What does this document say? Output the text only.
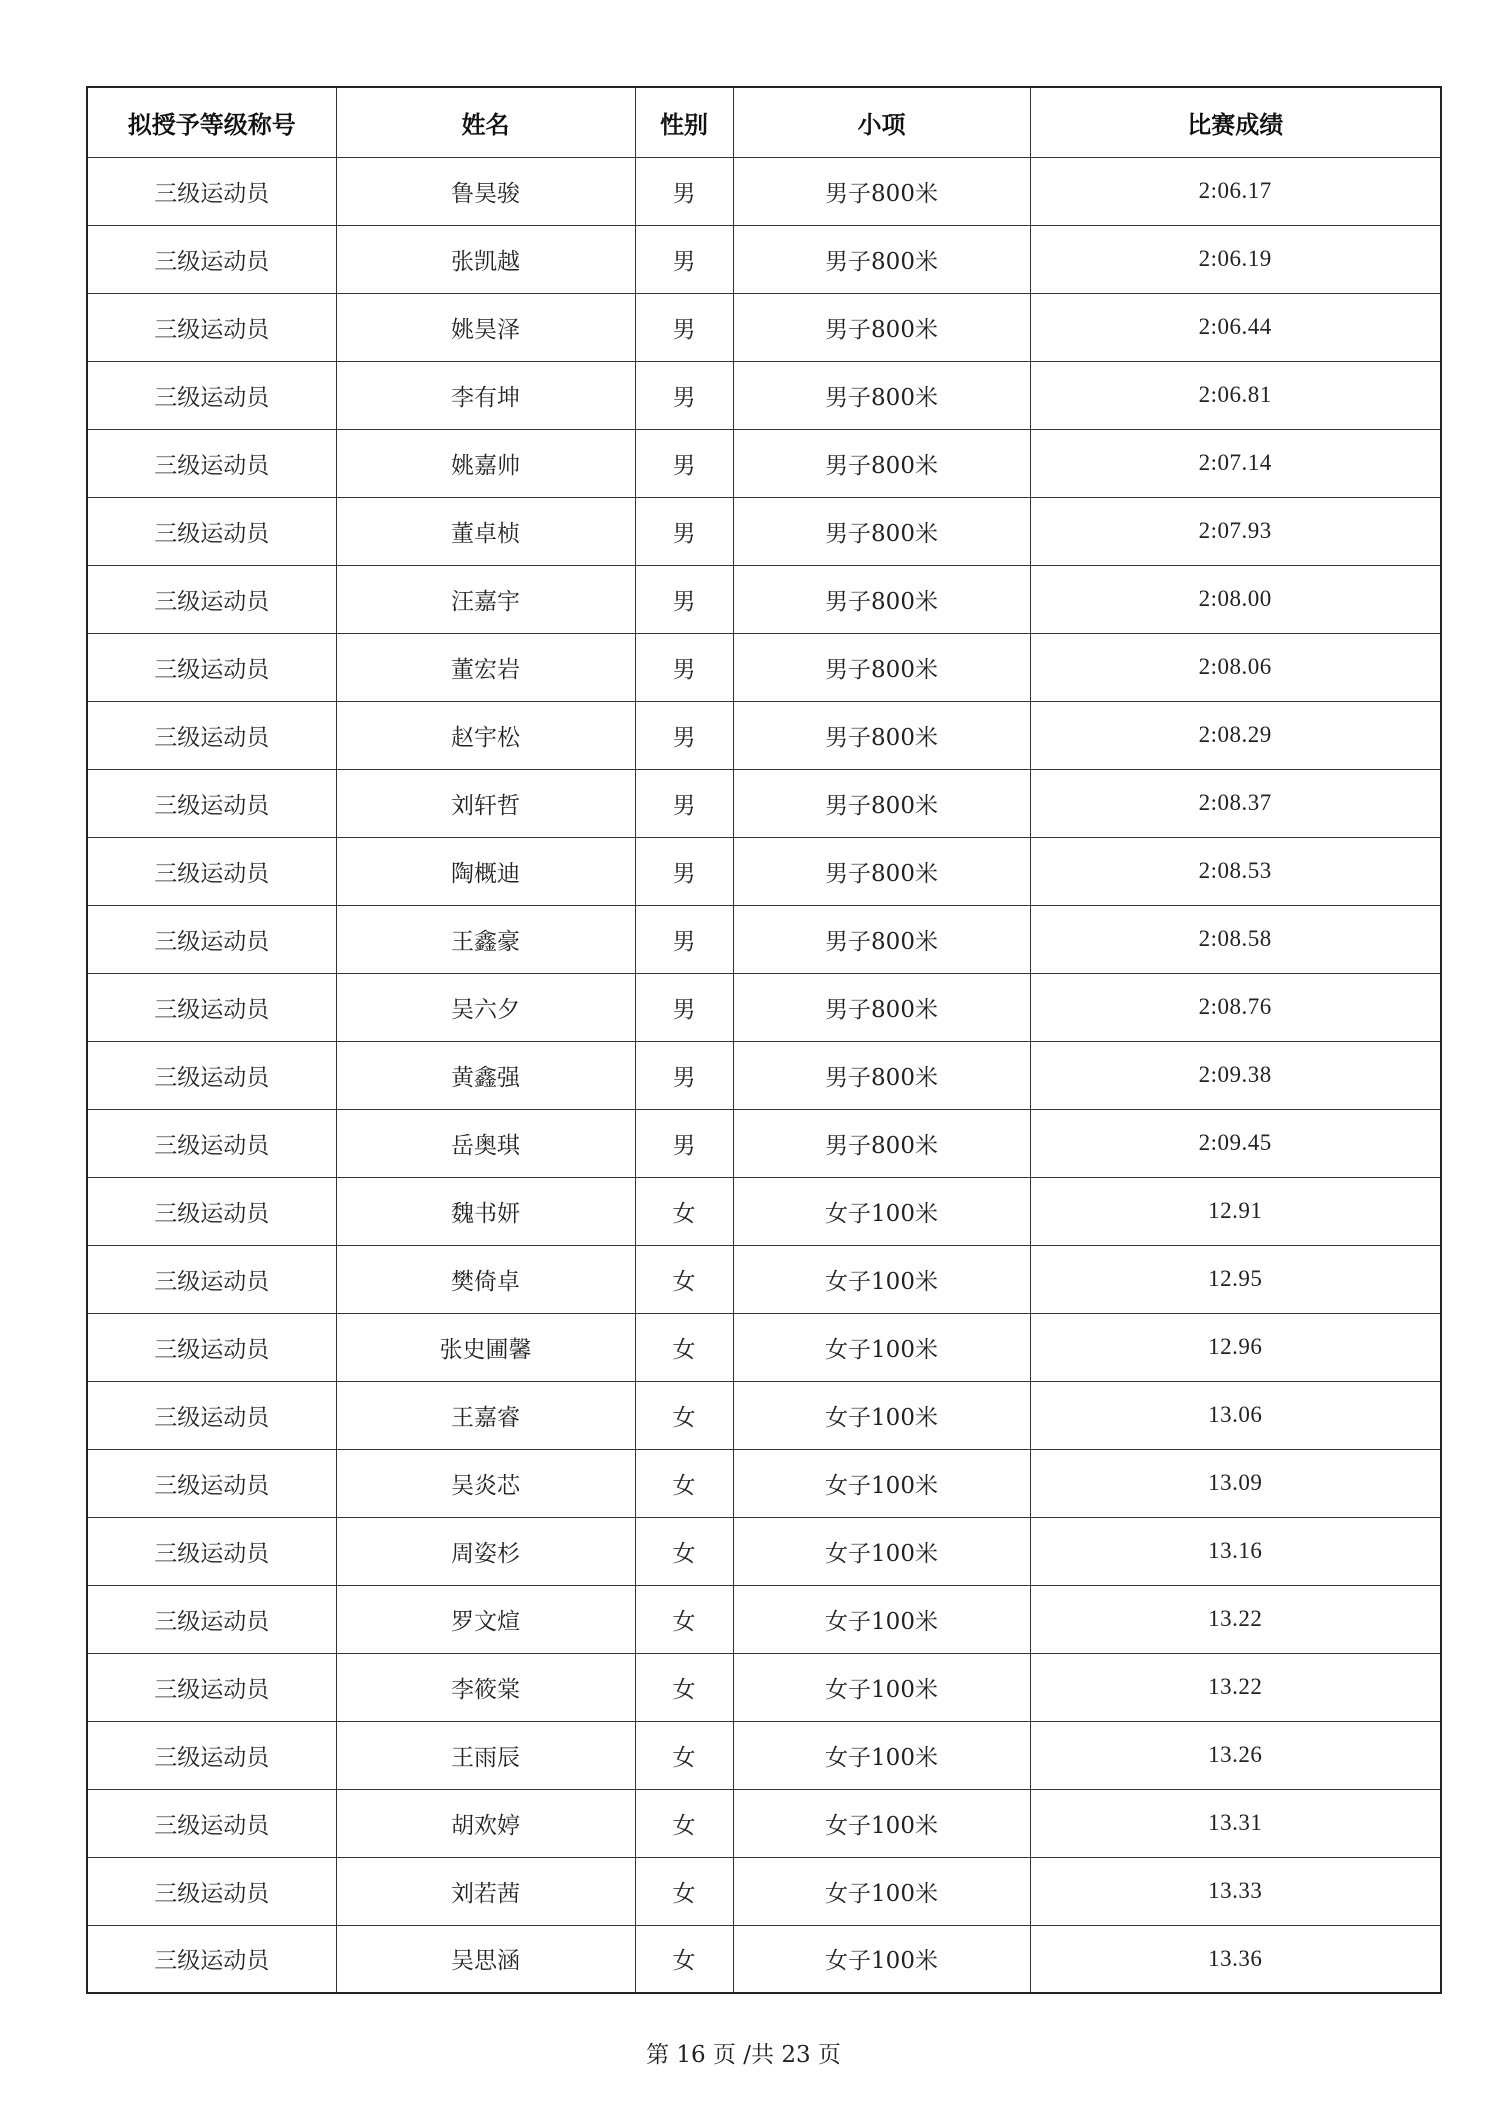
拟授予等级称号	姓名	性别	小项	比赛成绩
三级运动员	鲁昊骏	男	男子800米	2:06.17
三级运动员	张凯越	男	男子800米	2:06.19
三级运动员	姚昊泽	男	男子800米	2:06.44
三级运动员	李有坤	男	男子800米	2:06.81
三级运动员	姚嘉帅	男	男子800米	2:07.14
三级运动员	董卓桢	男	男子800米	2:07.93
三级运动员	汪嘉宇	男	男子800米	2:08.00
三级运动员	董宏岩	男	男子800米	2:08.06
三级运动员	赵宇松	男	男子800米	2:08.29
三级运动员	刘轩哲	男	男子800米	2:08.37
三级运动员	陶概迪	男	男子800米	2:08.53
三级运动员	王鑫豪	男	男子800米	2:08.58
三级运动员	吴六夕	男	男子800米	2:08.76
三级运动员	黄鑫强	男	男子800米	2:09.38
三级运动员	岳奥琪	男	男子800米	2:09.45
三级运动员	魏书妍	女	女子100米	12.91
三级运动员	樊倚卓	女	女子100米	12.95
三级运动员	张史圃馨	女	女子100米	12.96
三级运动员	王嘉睿	女	女子100米	13.06
三级运动员	吴炎芯	女	女子100米	13.09
三级运动员	周姿杉	女	女子100米	13.16
三级运动员	罗文煊	女	女子100米	13.22
三级运动员	李筱棠	女	女子100米	13.22
三级运动员	王雨辰	女	女子100米	13.26
三级运动员	胡欢婷	女	女子100米	13.31
三级运动员	刘若茜	女	女子100米	13.33
三级运动员	吴思涵	女	女子100米	13.36
第 16 页 /共 23 页
